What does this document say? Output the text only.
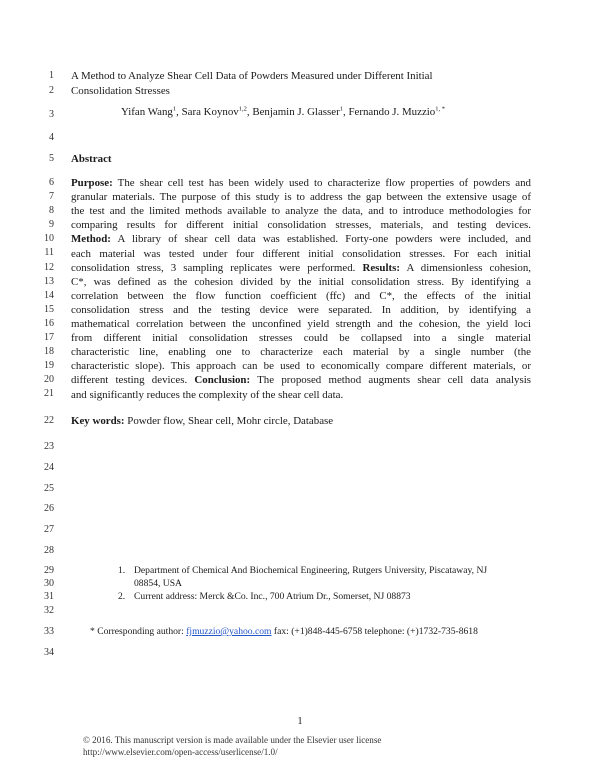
1
2
3
4
5
6
7
8
9
10
11
12
13
14
15
16
17
18
19
20
21
22
23
24
25
26
27
28
29
30
31
32
33
34
A Method to Analyze Shear Cell Data of Powders Measured under Different Initial
Consolidation Stresses
Yifan Wang$^1$, Sara Koynov$^{1,2}$, Benjamin J. Glasser$^1$, Fernando J. Muzzio$^{1, *}$
Abstract
Purpose: The shear cell test has been widely used to characterize flow properties of powders and
granular materials. The purpose of this study is to address the gap between the extensive usage of
the test and the limited methods available to analyze the data, and to introduce methodologies for
comparing results for different initial consolidation stresses, materials, and testing devices.
Method: A library of shear cell data was established. Forty-one powders were included, and
each material was tested under four different initial consolidation stresses. For each initial
consolidation stress, 3 sampling replicates were performed. Results: A dimensionless cohesion,
C*, was defined as the cohesion divided by the initial consolidation stress. By identifying a
correlation between the flow function coefficient (ffc) and C*, the effects of the initial
consolidation stress and the testing device were separated. In addition, by identifying a
mathematical correlation between the unconfined yield strength and the cohesion, the yield loci
from different initial consolidation stresses could be collapsed into a single material
characteristic line, enabling one to characterize each material by a single number (the
characteristic slope). This approach can be used to economically compare different materials, or
different testing devices. Conclusion: The proposed method augments shear cell data analysis
and significantly reduces the complexity of the shear cell data.
Key words: Powder flow, Shear cell, Mohr circle, Database
1. Department of Chemical And Biochemical Engineering, Rutgers University, Piscataway, NJ
08854, USA
2. Current address: Merck &Co. Inc., 700 Atrium Dr., Somerset, NJ 08873
* Corresponding author: fjmuzzio@yahoo.com fax: (+1)848-445-6758 telephone: (+)1732-735-8618
1
© 2016. This manuscript version is made available under the Elsevier user license
http://www.elsevier.com/open-access/userlicense/1.0/
